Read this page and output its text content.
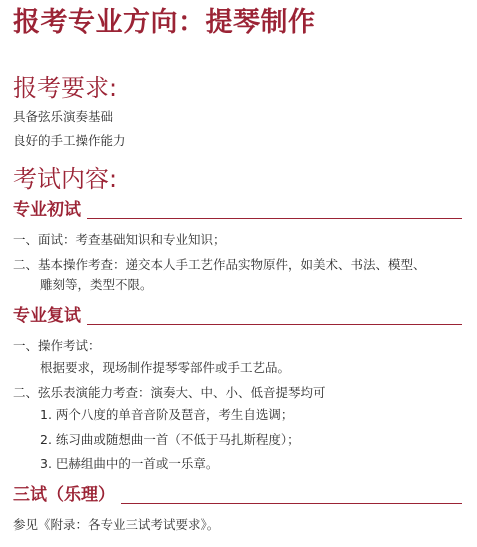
报考专业方向：提琴制作
报考要求:
具备弦乐演奏基础
良好的手工操作能力
考试内容:
专业初试
一、面试：考查基础知识和专业知识；
二、基本操作考查：递交本人手工艺作品实物原件，如美术、书法、模型、
雕刻等，类型不限。
专业复试
一、操作考试：
根据要求，现场制作提琴零部件或手工艺品。
二、弦乐表演能力考查：演奏大、中、小、低音提琴均可
1. 两个八度的单音音阶及琶音，考生自选调；
2. 练习曲或随想曲一首（不低于马扎斯程度）；
3. 巴赫组曲中的一首或一乐章。
三试（乐理）
参见《附录：各专业三试考试要求》。
